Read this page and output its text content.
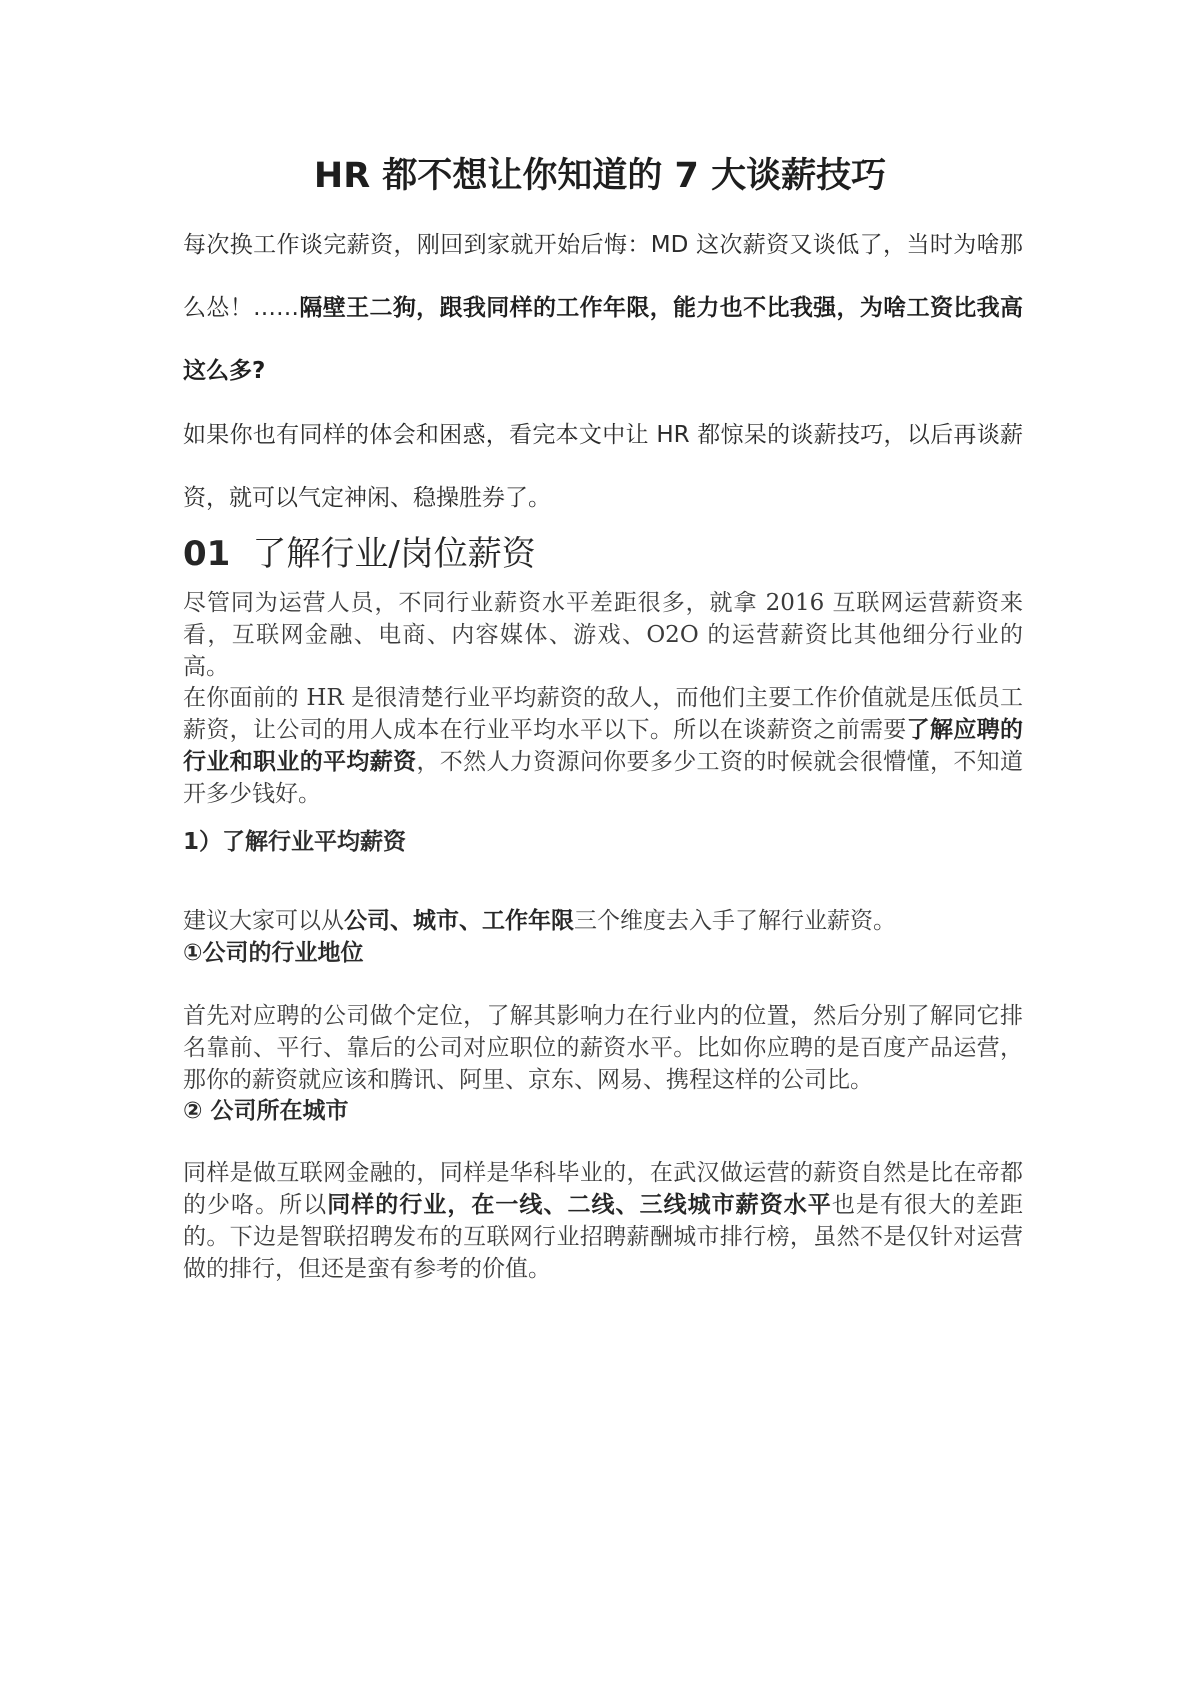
HR 都不想让你知道的 7 大谈薪技巧
每次换工作谈完薪资，刚回到家就开始后悔：MD 这次薪资又谈低了，当时为啥那么怂！……隔壁王二狗，跟我同样的工作年限，能力也不比我强，为啥工资比我高这么多?
如果你也有同样的体会和困惑，看完本文中让 HR 都惊呆的谈薪技巧，以后再谈薪资，就可以气定神闲、稳操胜券了。
01 了解行业/岗位薪资
尽管同为运营人员，不同行业薪资水平差距很多，就拿 2016 互联网运营薪资来看，互联网金融、电商、内容媒体、游戏、O2O 的运营薪资比其他细分行业的高。
在你面前的 HR 是很清楚行业平均薪资的敌人，而他们主要工作价值就是压低员工薪资，让公司的用人成本在行业平均水平以下。所以在谈薪资之前需要了解应聘的行业和职业的平均薪资，不然人力资源问你要多少工资的时候就会很懵懂，不知道开多少钱好。
1）了解行业平均薪资
建议大家可以从公司、城市、工作年限三个维度去入手了解行业薪资。
①公司的行业地位
首先对应聘的公司做个定位，了解其影响力在行业内的位置，然后分别了解同它排名靠前、平行、靠后的公司对应职位的薪资水平。比如你应聘的是百度产品运营，那你的薪资就应该和腾讯、阿里、京东、网易、携程这样的公司比。
② 公司所在城市
同样是做互联网金融的，同样是华科毕业的，在武汉做运营的薪资自然是比在帝都的少咯。所以同样的行业，在一线、二线、三线城市薪资水平也是有很大的差距的。下边是智联招聘发布的互联网行业招聘薪酬城市排行榜，虽然不是仅针对运营做的排行，但还是蛮有参考的价值。
